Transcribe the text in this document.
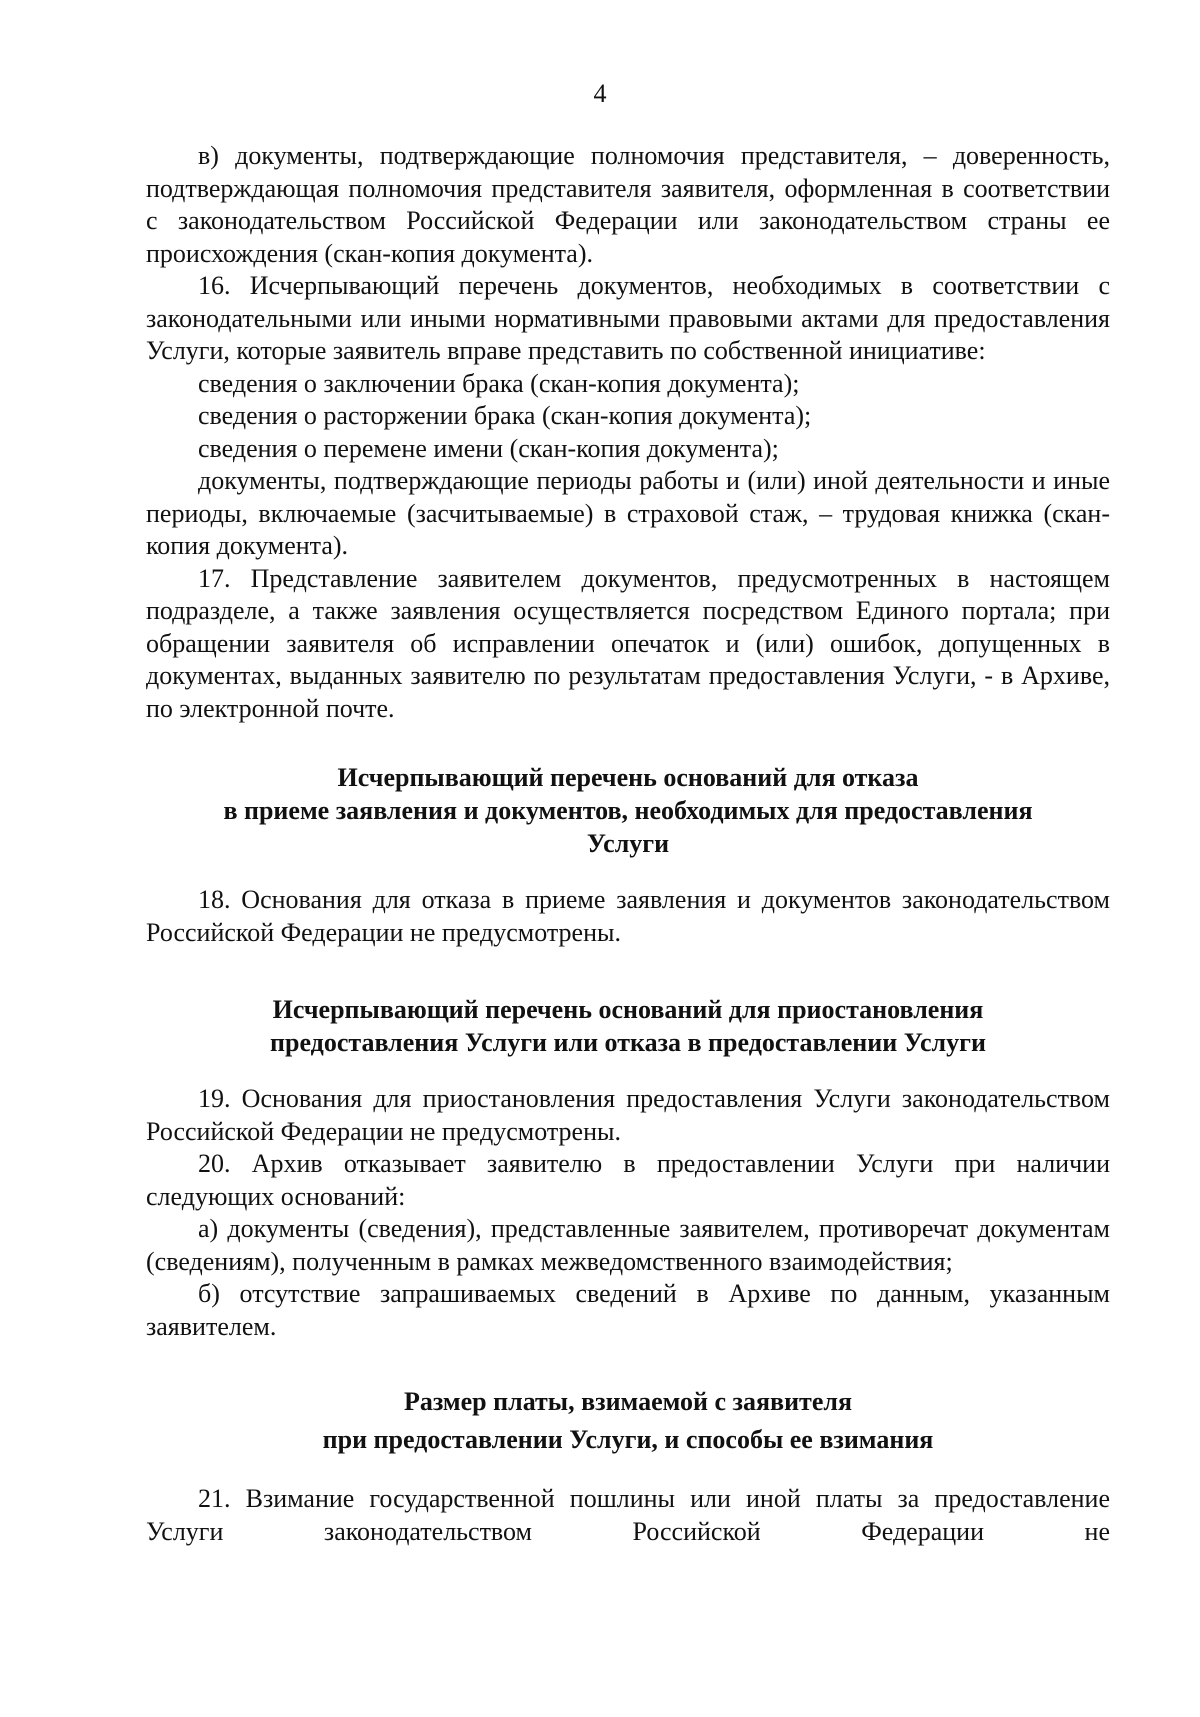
4

в) документы, подтверждающие полномочия представителя, – доверенность, подтверждающая полномочия представителя заявителя, оформленная в соответствии с законодательством Российской Федерации или законодательством страны ее происхождения (скан-копия документа).

16. Исчерпывающий перечень документов, необходимых в соответствии с законодательными или иными нормативными правовыми актами для предоставления Услуги, которые заявитель вправе представить по собственной инициативе:

сведения о заключении брака (скан-копия документа);

сведения о расторжении брака (скан-копия документа);

сведения о перемене имени (скан-копия документа);

документы, подтверждающие периоды работы и (или) иной деятельности и иные периоды, включаемые (засчитываемые) в страховой стаж, – трудовая книжка (скан-копия документа).

17. Представление заявителем документов, предусмотренных в настоящем подразделе, а также заявления осуществляется посредством Единого портала; при обращении заявителя об исправлении опечаток и (или) ошибок, допущенных в документах, выданных заявителю по результатам предоставления Услуги, - в Архиве, по электронной почте.

Исчерпывающий перечень оснований для отказа
в приеме заявления и документов, необходимых для предоставления
Услуги

18. Основания для отказа в приеме заявления и документов законодательством Российской Федерации не предусмотрены.

Исчерпывающий перечень оснований для приостановления
предоставления Услуги или отказа в предоставлении Услуги

19. Основания для приостановления предоставления Услуги законодательством Российской Федерации не предусмотрены.

20. Архив отказывает заявителю в предоставлении Услуги при наличии следующих оснований:

а) документы (сведения), представленные заявителем, противоречат документам (сведениям), полученным в рамках межведомственного взаимодействия;

б) отсутствие запрашиваемых сведений в Архиве по данным, указанным заявителем.

Размер платы, взимаемой с заявителя
при предоставлении Услуги, и способы ее взимания

21. Взимание государственной пошлины или иной платы за предоставление Услуги законодательством Российской Федерации не
